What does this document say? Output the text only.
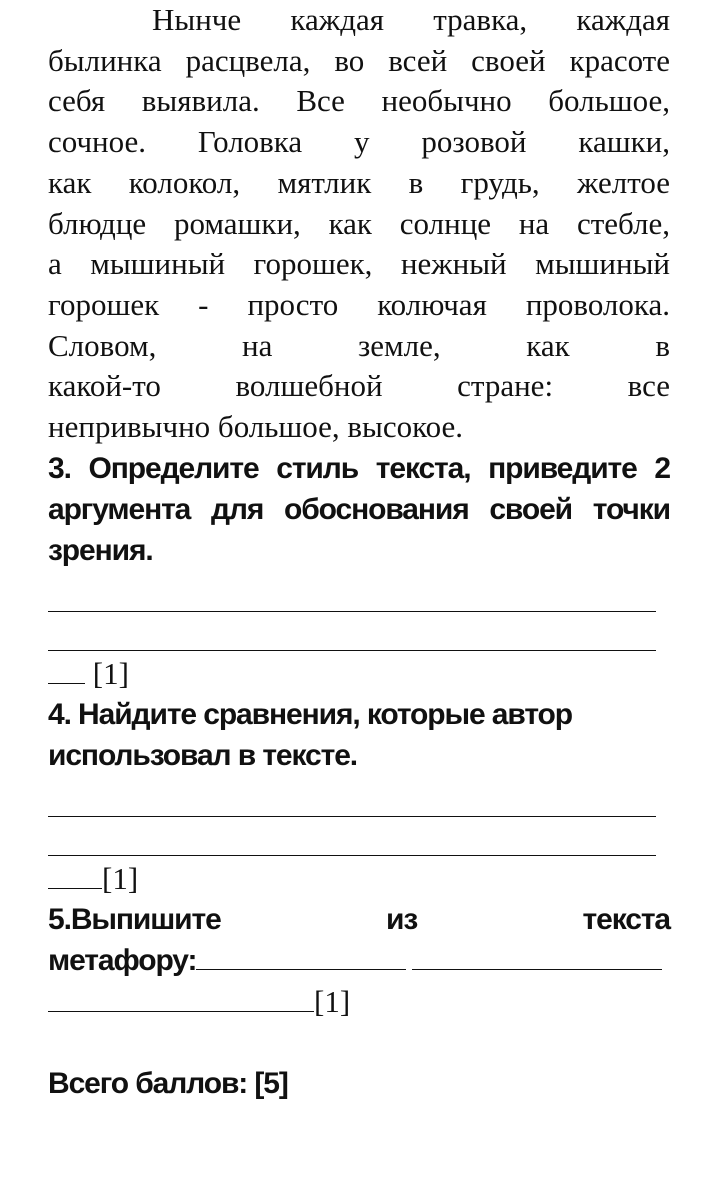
Нынче каждая травка, каждая
былинка расцвела, во всей своей красоте
себя выявила. Все необычно большое,
сочное. Головка у розовой кашки,
как колокол, мятлик в грудь, желтое
блюдце ромашки, как солнце на стебле,
а мышиный горошек, нежный мышиный
горошек - просто колючая проволока.
Словом, на земле, как в
какой-то волшебной стране: все
непривычно большое, высокое.
3. Определите стиль текста, приведите 2
аргумента для обоснования своей точки
зрения.
[1]
4. Найдите сравнения, которые автор
использовал в тексте.
[1]
5.Выпишите из текста
метафору:
[1]
Всего баллов: [5]
